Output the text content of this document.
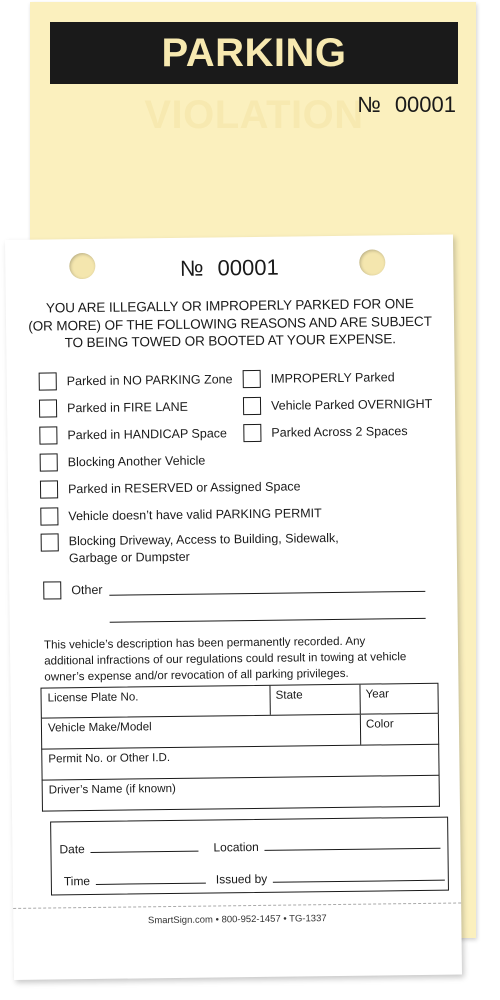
PARKING VIOLATION
№ 00001
№ 00001
YOU ARE ILLEGALLY OR IMPROPERLY PARKED FOR ONE
(OR MORE) OF THE FOLLOWING REASONS AND ARE SUBJECT
TO BEING TOWED OR BOOTED AT YOUR EXPENSE.
Parked in NO PARKING Zone	IMPROPERLY Parked
Parked in FIRE LANE	Vehicle Parked OVERNIGHT
Parked in HANDICAP Space	Parked Across 2 Spaces
Blocking Another Vehicle
Parked in RESERVED or Assigned Space
Vehicle doesn’t have valid PARKING PERMIT
Blocking Driveway, Access to Building, Sidewalk, Garbage or Dumpster
Other
This vehicle’s description has been permanently recorded. Any
additional infractions of our regulations could result in towing at vehicle
owner’s expense and/or revocation of all parking privileges.
License Plate No.	State	Year
Vehicle Make/Model	Color
Permit No. or Other I.D.
Driver’s Name (if known)
Date	Location
Time	Issued by
SmartSign.com • 800-952-1457 • TG-1337
